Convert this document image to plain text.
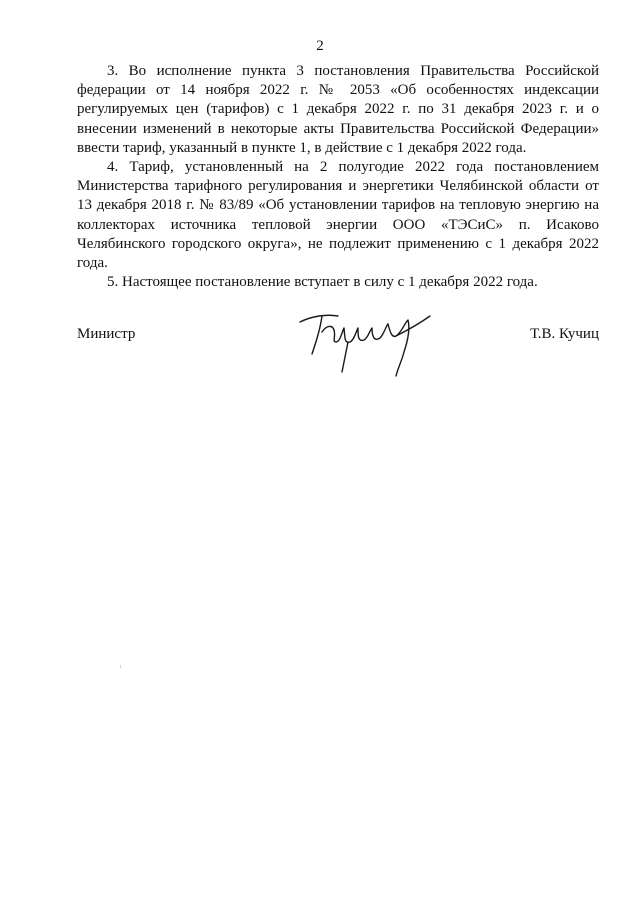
2

3. Во исполнение пункта 3 постановления Правительства Российской федерации от 14 ноября 2022 г. № 2053 «Об особенностях индексации регулируемых цен (тарифов) с 1 декабря 2022 г. по 31 декабря 2023 г. и о внесении изменений в некоторые акты Правительства Российской Федерации» ввести тариф, указанный в пункте 1, в действие с 1 декабря 2022 года.

4. Тариф, установленный на 2 полугодие 2022 года постановлением Министерства тарифного регулирования и энергетики Челябинской области от 13 декабря 2018 г. № 83/89 «Об установлении тарифов на тепловую энергию на коллекторах источника тепловой энергии ООО «ТЭСиС» п. Исаково Челябинского городского округа», не подлежит применению с 1 декабря 2022 года.

5. Настоящее постановление вступает в силу с 1 декабря 2022 года.

Министр	Т.В. Кучиц
